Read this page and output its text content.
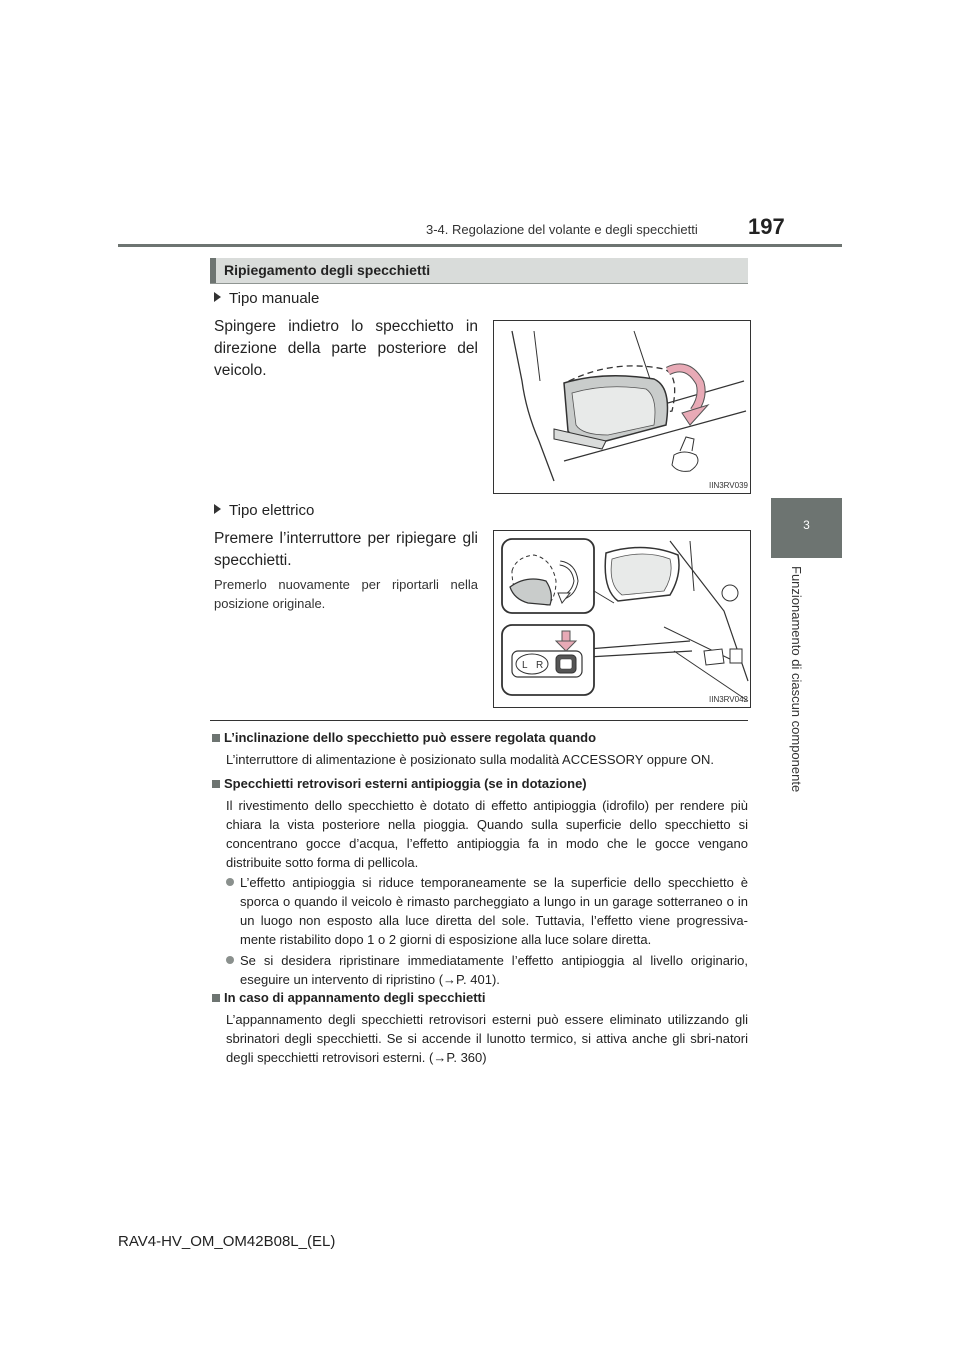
3-4. Regolazione del volante e degli specchietti 197
3
Funzionamento di ciascun componente
Ripiegamento degli specchietti
Tipo manuale
Spingere indietro lo specchietto in direzione della parte posteriore del veicolo.
IIN3RV039
Tipo elettrico
Premere l’interruttore per ripiegare gli specchietti.
Premerlo nuovamente per riportarli nella posizione originale.
L R
IIN3RV042
L’inclinazione dello specchietto può essere regolata quando
L’interruttore di alimentazione è posizionato sulla modalità ACCESSORY oppure ON.
Specchietti retrovisori esterni antipioggia (se in dotazione)
Il rivestimento dello specchietto è dotato di effetto antipioggia (idrofilo) per rendere più chiara la vista posteriore nella pioggia. Quando sulla superficie dello specchietto si concentrano gocce d’acqua, l’effetto antipioggia fa in modo che le gocce vengano distribuite sotto forma di pellicola.
L’effetto antipioggia si riduce temporaneamente se la superficie dello specchietto è sporca o quando il veicolo è rimasto parcheggiato a lungo in un garage sotterraneo o in un luogo non esposto alla luce diretta del sole. Tuttavia, l’effetto viene progressiva-mente ristabilito dopo 1 o 2 giorni di esposizione alla luce solare diretta.
Se si desidera ripristinare immediatamente l’effetto antipioggia al livello originario, eseguire un intervento di ripristino (→P. 401).
In caso di appannamento degli specchietti
L’appannamento degli specchietti retrovisori esterni può essere eliminato utilizzando gli sbrinatori degli specchietti. Se si accende il lunotto termico, si attiva anche gli sbri-natori degli specchietti retrovisori esterni. (→P. 360)
RAV4-HV_OM_OM42B08L_(EL)
